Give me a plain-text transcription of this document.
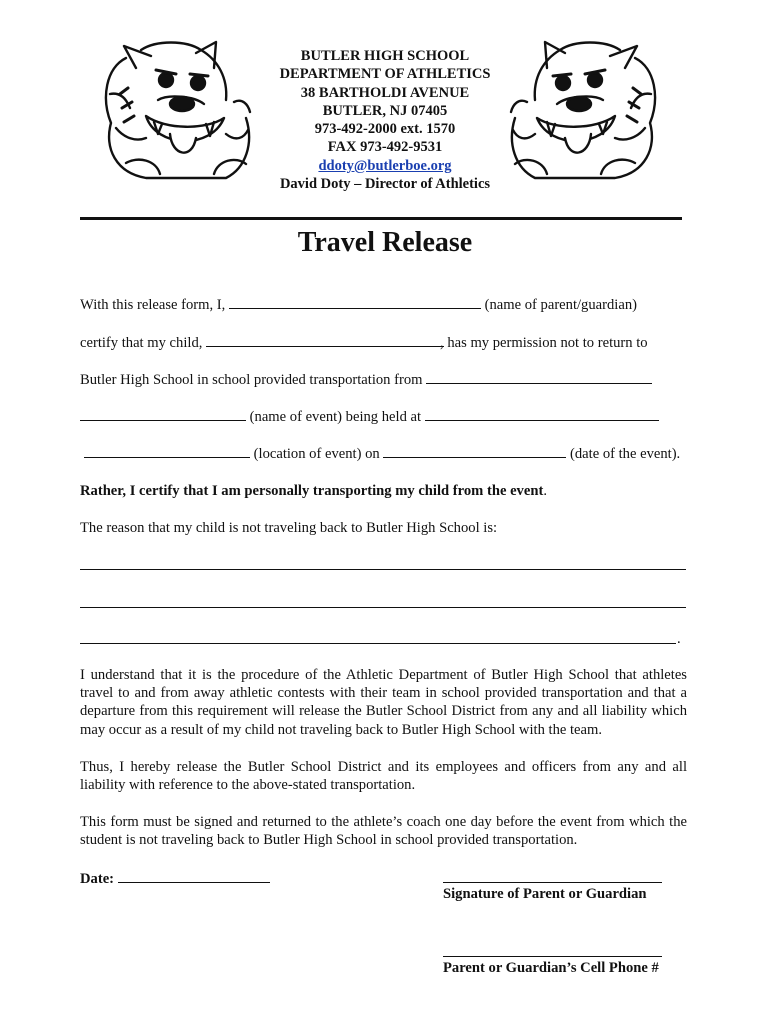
BUTLER HIGH SCHOOL
DEPARTMENT OF ATHLETICS
38 BARTHOLDI AVENUE
BUTLER, NJ 07405
973-492-2000 ext. 1570
FAX 973-492-9531
ddoty@butlerboe.org
David Doty – Director of Athletics
Travel Release
With this release form, I,	(name of parent/guardian)
certify that my child,	, has my permission not to return to
Butler High School in school provided transportation from
(name of event) being held at
(location of event) on	(date of the event).
Rather, I certify that I am personally transporting my child from the event.
The reason that my child is not traveling back to Butler High School is:
.
I understand that it is the procedure of the Athletic Department of Butler High School that athletes travel to and from away athletic contests with their team in school provided transportation and that a departure from this requirement will release the Butler School District from any and all liability which may occur as a result of my child not traveling back to Butler High School with the team.
Thus, I hereby release the Butler School District and its employees and officers from any and all liability with reference to the above-stated transportation.
This form must be signed and returned to the athlete’s coach one day before the event from which the student is not traveling back to Butler High School in school provided transportation.
Date:
Signature of Parent or Guardian
Parent or Guardian’s Cell Phone #
